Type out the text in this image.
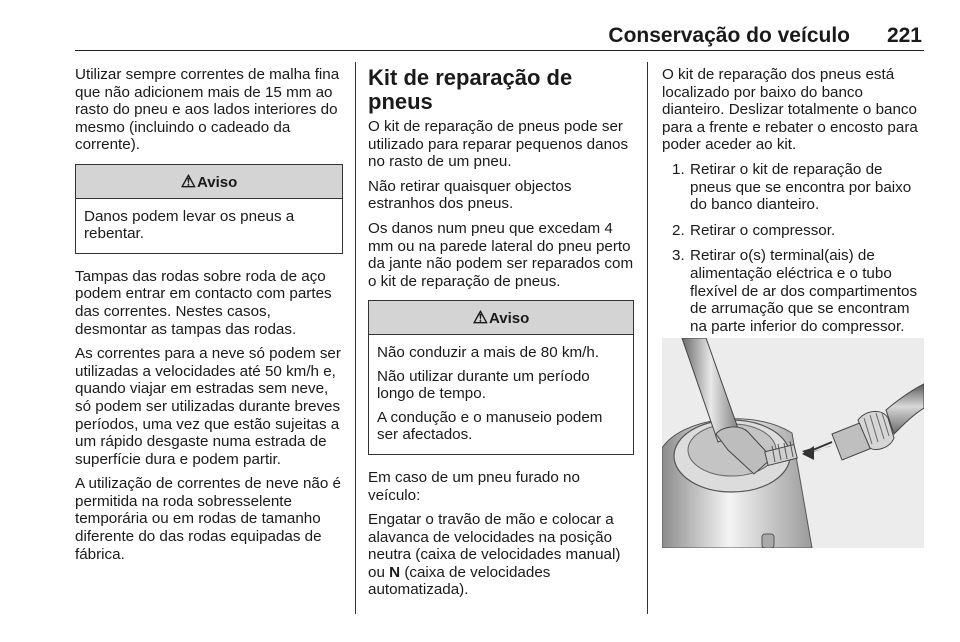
Conservação do veículo 221

Utilizar sempre correntes de malha fina que não adicionem mais de 15 mm ao rasto do pneu e aos lados interiores do mesmo (incluindo o cadeado da corrente).

⚠Aviso

Danos podem levar os pneus a rebentar.

Tampas das rodas sobre roda de aço podem entrar em contacto com partes das correntes. Nestes casos, desmontar as tampas das rodas.

As correntes para a neve só podem ser utilizadas a velocidades até 50 km/h e, quando viajar em estradas sem neve, só podem ser utilizadas durante breves períodos, uma vez que estão sujeitas a um rápido desgaste numa estrada de superfície dura e podem partir.

A utilização de correntes de neve não é permitida na roda sobresselente temporária ou em rodas de tamanho diferente do das rodas equipadas de fábrica.

Kit de reparação de pneus

O kit de reparação de pneus pode ser utilizado para reparar pequenos danos no rasto de um pneu.

Não retirar quaisquer objectos estranhos dos pneus.

Os danos num pneu que excedam 4 mm ou na parede lateral do pneu perto da jante não podem ser reparados com o kit de reparação de pneus.

⚠Aviso

Não conduzir a mais de 80 km/h.

Não utilizar durante um período longo de tempo.

A condução e o manuseio podem ser afectados.

Em caso de um pneu furado no veículo:

Engatar o travão de mão e colocar a alavanca de velocidades na posição neutra (caixa de velocidades manual) ou N (caixa de velocidades automatizada).

O kit de reparação dos pneus está localizado por baixo do banco dianteiro. Deslizar totalmente o banco para a frente e rebater o encosto para poder aceder ao kit.

1. Retirar o kit de reparação de pneus que se encontra por baixo do banco dianteiro.
2. Retirar o compressor.
3. Retirar o(s) terminal(ais) de alimentação eléctrica e o tubo flexível de ar dos compartimentos de arrumação que se encontram na parte inferior do compressor.
